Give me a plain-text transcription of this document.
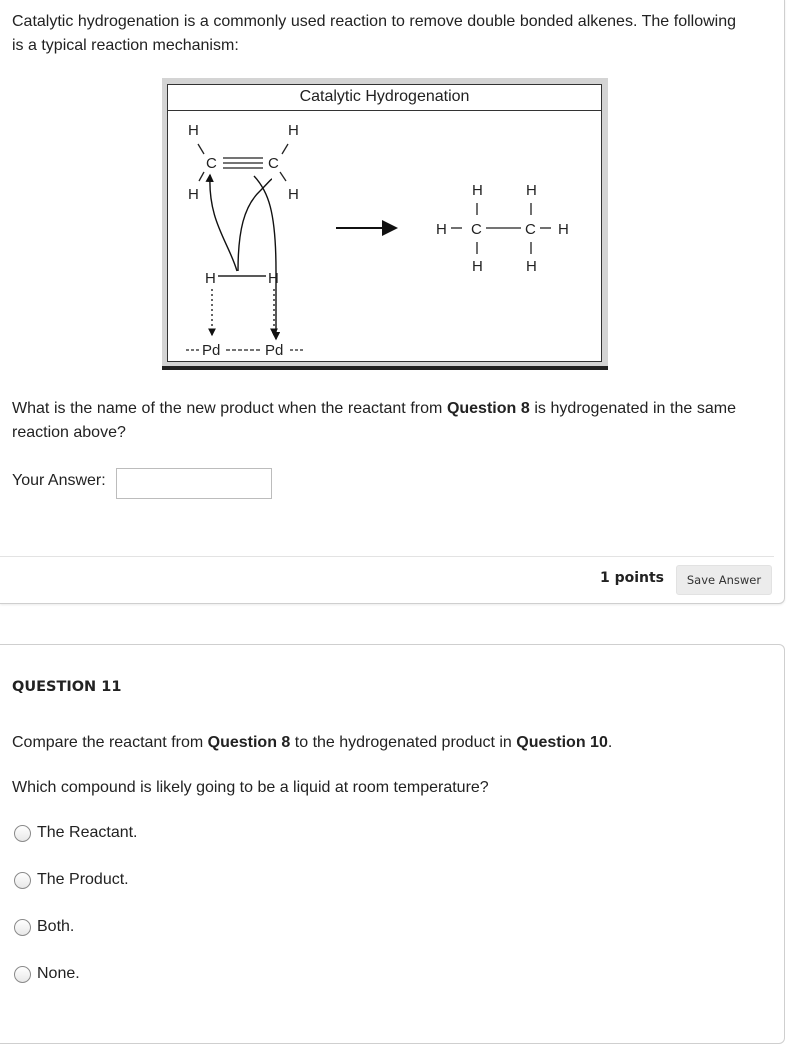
Catalytic hydrogenation is a commonly used reaction to remove double bonded alkenes. The following is a typical reaction mechanism:
Catalytic Hydrogenation
H	H
C	C
H	H
H	H
Pd	Pd
H	H
H C	C H
H	H
What is the name of the new product when the reactant from Question 8 is hydrogenated in the same reaction above?
Your Answer:
1 points	Save Answer
QUESTION 11
Compare the reactant from Question 8 to the hydrogenated product in Question 10.
Which compound is likely going to be a liquid at room temperature?
The Reactant.
The Product.
Both.
None.
